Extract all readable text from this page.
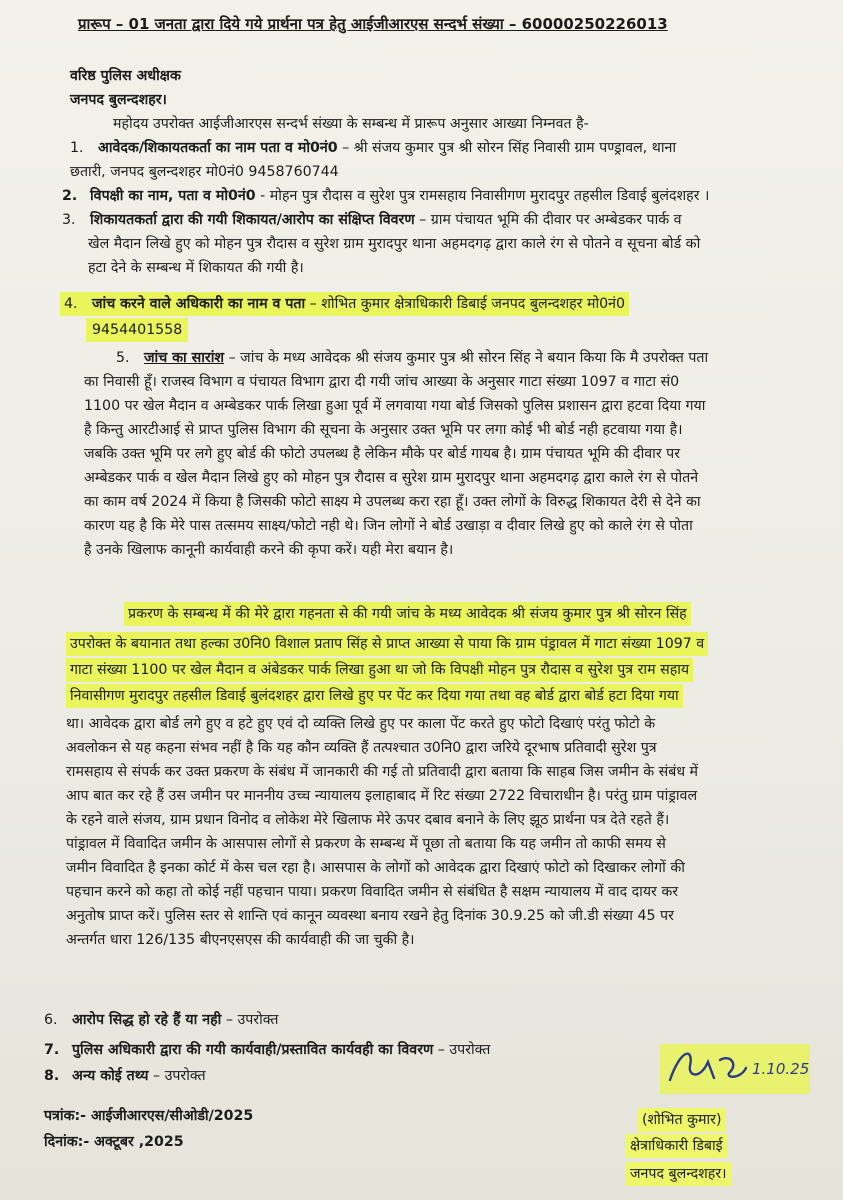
प्रारूप – 01 जनता द्वारा दिये गये प्रार्थना पत्र हेतु आईजीआरएस सन्दर्भ संख्या – 60000250226013
वरिष्ठ पुलिस अधीक्षक
जनपद बुलन्दशहर।
महोदय उपरोक्त आईजीआरएस सन्दर्भ संख्या के सम्बन्ध में प्रारूप अनुसार आख्या निम्नवत है-
1. आवेदक/शिकायतकर्ता का नाम पता व मो0नं0 – श्री संजय कुमार पुत्र श्री सोरन सिंह निवासी ग्राम पण्ड्रावल, थाना
छतारी, जनपद बुलन्दशहर मो0नं0 9458760744
2. विपक्षी का नाम, पता व मो0नं0 - मोहन पुत्र रौदास व सुरेश पुत्र रामसहाय निवासीगण मुरादपुर तहसील डिवाई बुलंदशहर ।
3. शिकायतकर्ता द्वारा की गयी शिकायत/आरोप का संक्षिप्त विवरण – ग्राम पंचायत भूमि की दीवार पर अम्बेडकर पार्क व
खेल मैदान लिखे हुए को मोहन पुत्र रौदास व सुरेश ग्राम मुरादपुर थाना अहमदगढ़ द्वारा काले रंग से पोतने व सूचना बोर्ड को
हटा देने के सम्बन्ध में शिकायत की गयी है।
4. जांच करने वाले अधिकारी का नाम व पता – शोभित कुमार क्षेत्राधिकारी डिबाई जनपद बुलन्दशहर मो0नं0
9454401558
5. जांच का सारांश – जांच के मध्य आवेदक श्री संजय कुमार पुत्र श्री सोरन सिंह ने बयान किया कि मै उपरोक्त पता
का निवासी हूँ। राजस्व विभाग व पंचायत विभाग द्वारा दी गयी जांच आख्या के अनुसार गाटा संख्या 1097 व गाटा सं0
1100 पर खेल मैदान व अम्बेडकर पार्क लिखा हुआ पूर्व में लगवाया गया बोर्ड जिसको पुलिस प्रशासन द्वारा हटवा दिया गया
है किन्तु आरटीआई से प्राप्त पुलिस विभाग की सूचना के अनुसार उक्त भूमि पर लगा कोई भी बोर्ड नही हटवाया गया है।
जबकि उक्त भूमि पर लगे हुए बोर्ड की फोटो उपलब्ध है लेकिन मौके पर बोर्ड गायब है। ग्राम पंचायत भूमि की दीवार पर
अम्बेडकर पार्क व खेल मैदान लिखे हुए को मोहन पुत्र रौदास व सुरेश ग्राम मुरादपुर थाना अहमदगढ़ द्वारा काले रंग से पोतने
का काम वर्ष 2024 में किया है जिसकी फोटो साक्ष्य मे उपलब्ध करा रहा हूँ। उक्त लोगों के विरुद्ध शिकायत देरी से देने का
कारण यह है कि मेरे पास तत्समय साक्ष्य/फोटो नही थे। जिन लोगों ने बोर्ड उखाड़ा व दीवार लिखे हुए को काले रंग से पोता
है उनके खिलाफ कानूनी कार्यवाही करने की कृपा करें। यही मेरा बयान है।
प्रकरण के सम्बन्ध में की मेरे द्वारा गहनता से की गयी जांच के मध्य आवेदक श्री संजय कुमार पुत्र श्री सोरन सिंह
उपरोक्त के बयानात तथा हल्का उ0नि0 विशाल प्रताप सिंह से प्राप्त आख्या से पाया कि ग्राम पंड्रावल में गाटा संख्या 1097 व
गाटा संख्या 1100 पर खेल मैदान व अंबेडकर पार्क लिखा हुआ था जो कि विपक्षी मोहन पुत्र रौदास व सुरेश पुत्र राम सहाय
निवासीगण मुरादपुर तहसील डिवाई बुलंदशहर द्वारा लिखे हुए पर पेंट कर दिया गया तथा वह बोर्ड द्वारा बोर्ड हटा दिया गया
था। आवेदक द्वारा बोर्ड लगे हुए व हटे हुए एवं दो व्यक्ति लिखे हुए पर काला पेंट करते हुए फोटो दिखाएं परंतु फोटो के
अवलोकन से यह कहना संभव नहीं है कि यह कौन व्यक्ति हैं तत्पश्चात उ0नि0 द्वारा जरिये दूरभाष प्रतिवादी सुरेश पुत्र
रामसहाय से संपर्क कर उक्त प्रकरण के संबंध में जानकारी की गई तो प्रतिवादी द्वारा बताया कि साहब जिस जमीन के संबंध में
आप बात कर रहे हैं उस जमीन पर माननीय उच्च न्यायालय इलाहाबाद में रिट संख्या 2722 विचाराधीन है। परंतु ग्राम पांड्रावल
के रहने वाले संजय, ग्राम प्रधान विनोद व लोकेश मेरे खिलाफ मेरे ऊपर दबाव बनाने के लिए झूठ प्रार्थना पत्र देते रहते हैं।
पांड्रावल में विवादित जमीन के आसपास लोगों से प्रकरण के सम्बन्ध में पूछा तो बताया कि यह जमीन तो काफी समय से
जमीन विवादित है इनका कोर्ट में केस चल रहा है। आसपास के लोगों को आवेदक द्वारा दिखाएं फोटो को दिखाकर लोगों की
पहचान करने को कहा तो कोई नहीं पहचान पाया। प्रकरण विवादित जमीन से संबंधित है सक्षम न्यायालय में वाद दायर कर
अनुतोष प्राप्त करें। पुलिस स्तर से शान्ति एवं कानून व्यवस्था बनाय रखने हेतु दिनांक 30.9.25 को जी.डी संख्या 45 पर
अन्तर्गत धारा 126/135 बीएनएसएस की कार्यवाही की जा चुकी है।
6. आरोप सिद्ध हो रहे हैं या नही – उपरोक्त
7. पुलिस अधिकारी द्वारा की गयी कार्यवाही/प्रस्तावित कार्यवही का विवरण – उपरोक्त
8. अन्य कोई तथ्य – उपरोक्त
पत्रांक:- आईजीआरएस/सीओडी/2025
दिनांक:- अक्टूबर ,2025
1.10.25
(शोभित कुमार)
क्षेत्राधिकारी डिबाई
जनपद बुलन्दशहर।
